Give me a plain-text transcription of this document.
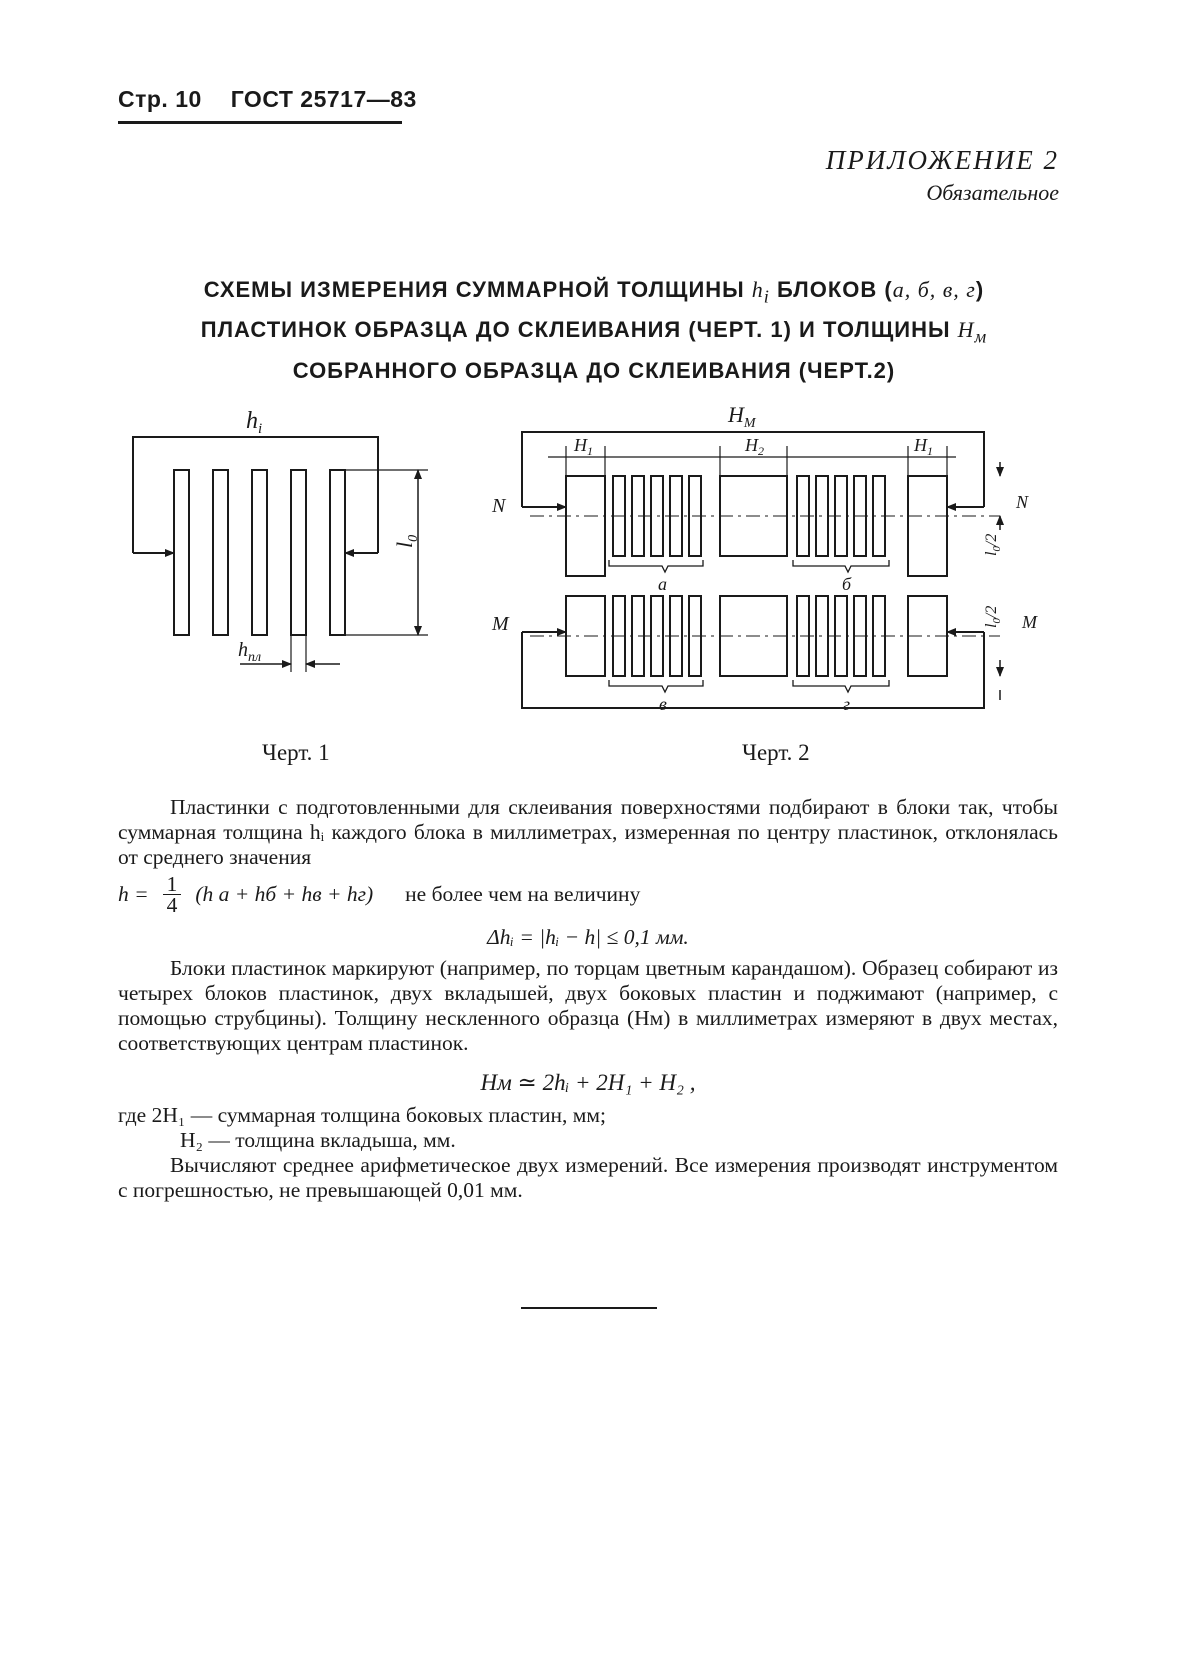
Стр. 10 ГОСТ 25717—83
ПРИЛОЖЕНИЕ 2
Обязательное
СХЕМЫ ИЗМЕРЕНИЯ СУММАРНОЙ ТОЛЩИНЫ $h_i$ БЛОКОВ (а, б, в, г)
ПЛАСТИНОК ОБРАЗЦА ДО СКЛЕИВАНИЯ (ЧЕРТ. 1) И ТОЛЩИНЫ $H_м$
СОБРАННОГО ОБРАЗЦА ДО СКЛЕИВАНИЯ (ЧЕРТ.2)
$h_i$
$l_0$
$h_{пл}$
$H_M$
$H_1$	$H_2$	$H_1$
N	N
M	M
а	б
в	г
$l_0/2$
$l_0/2$
Черт. 1	Черт. 2

Пластинки с подготовленными для склеивания поверхностями подбирают в блоки так, чтобы суммарная толщина hᵢ каждого блока в миллиметрах, измеренная по центру пластинок, отклонялась от среднего значения

$h = \frac{1}{4} (h$ а + hб + hв + hг) не более чем на величину

Δhᵢ = |hᵢ − h| ≤ 0,1 мм.

Блоки пластинок маркируют (например, по торцам цветным карандашом). Образец собирают из четырех блоков пластинок, двух вкладышей, двух боковых пластин и поджимают (например, с помощью струбцины). Толщину нескленного образца (Hм) в миллиметрах измеряют в двух местах, соответствующих центрам пластинок.

Hм ≃ 2hᵢ + 2H₁ + H₂ ,

где 2H₁ — суммарная толщина боковых пластин, мм;

H₂ — толщина вкладыша, мм.

Вычисляют среднее арифметическое двух измерений. Все измерения производят инструментом с погрешностью, не превышающей 0,01 мм.
